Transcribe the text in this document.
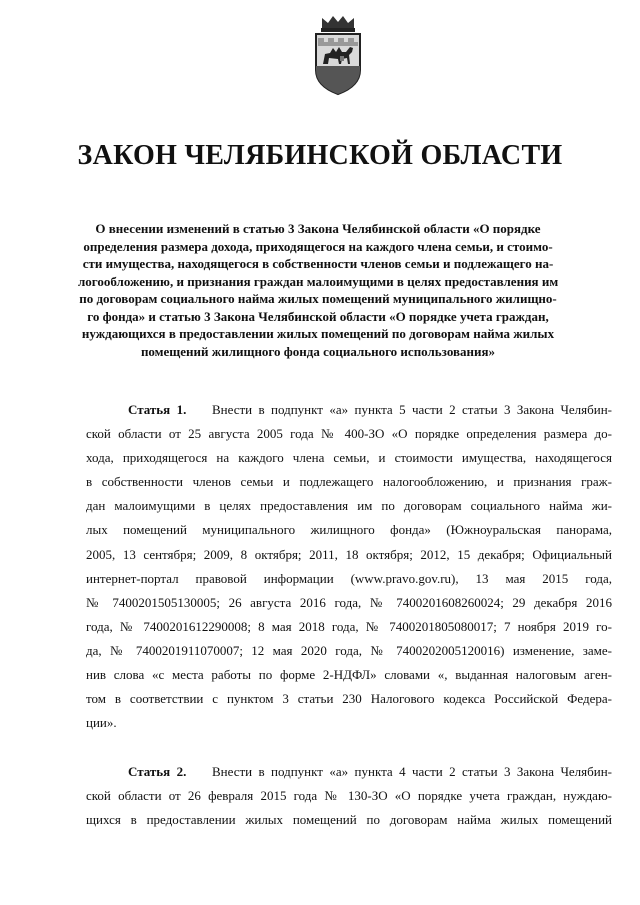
ЗАКОН ЧЕЛЯБИНСКОЙ ОБЛАСТИ
О внесении изменений в статью 3 Закона Челябинской области «О порядке
определения размера дохода, приходящегося на каждого члена семьи, и стоимо-
сти имущества, находящегося в собственности членов семьи и подлежащего на-
логообложению, и признания граждан малоимущими в целях предоставления им
по договорам социального найма жилых помещений муниципального жилищно-
го фонда» и статью 3 Закона Челябинской области «О порядке учета граждан,
нуждающихся в предоставлении жилых помещений по договорам найма жилых
помещений жилищного фонда социального использования»
Статья 1. Внести в подпункт «а» пункта 5 части 2 статьи 3 Закона Челябин-
ской области от 25 августа 2005 года № 400-ЗО «О порядке определения размера до-
хода, приходящегося на каждого члена семьи, и стоимости имущества, находящегося
в собственности членов семьи и подлежащего налогообложению, и признания граж-
дан малоимущими в целях предоставления им по договорам социального найма жи-
лых помещений муниципального жилищного фонда» (Южноуральская панорама,
2005, 13 сентября; 2009, 8 октября; 2011, 18 октября; 2012, 15 декабря; Официальный
интернет-портал правовой информации (www.pravo.gov.ru), 13 мая 2015 года,
№ 7400201505130005; 26 августа 2016 года, № 7400201608260024; 29 декабря 2016
года, № 7400201612290008; 8 мая 2018 года, № 7400201805080017; 7 ноября 2019 го-
да, № 7400201911070007; 12 мая 2020 года, № 7400202005120016) изменение, заме-
нив слова «с места работы по форме 2-НДФЛ» словами «, выданная налоговым аген-
том в соответствии с пунктом 3 статьи 230 Налогового кодекса Российской Федера-
ции».
Статья 2. Внести в подпункт «а» пункта 4 части 2 статьи 3 Закона Челябин-
ской области от 26 февраля 2015 года № 130-ЗО «О порядке учета граждан, нуждаю-
щихся в предоставлении жилых помещений по договорам найма жилых помещений
